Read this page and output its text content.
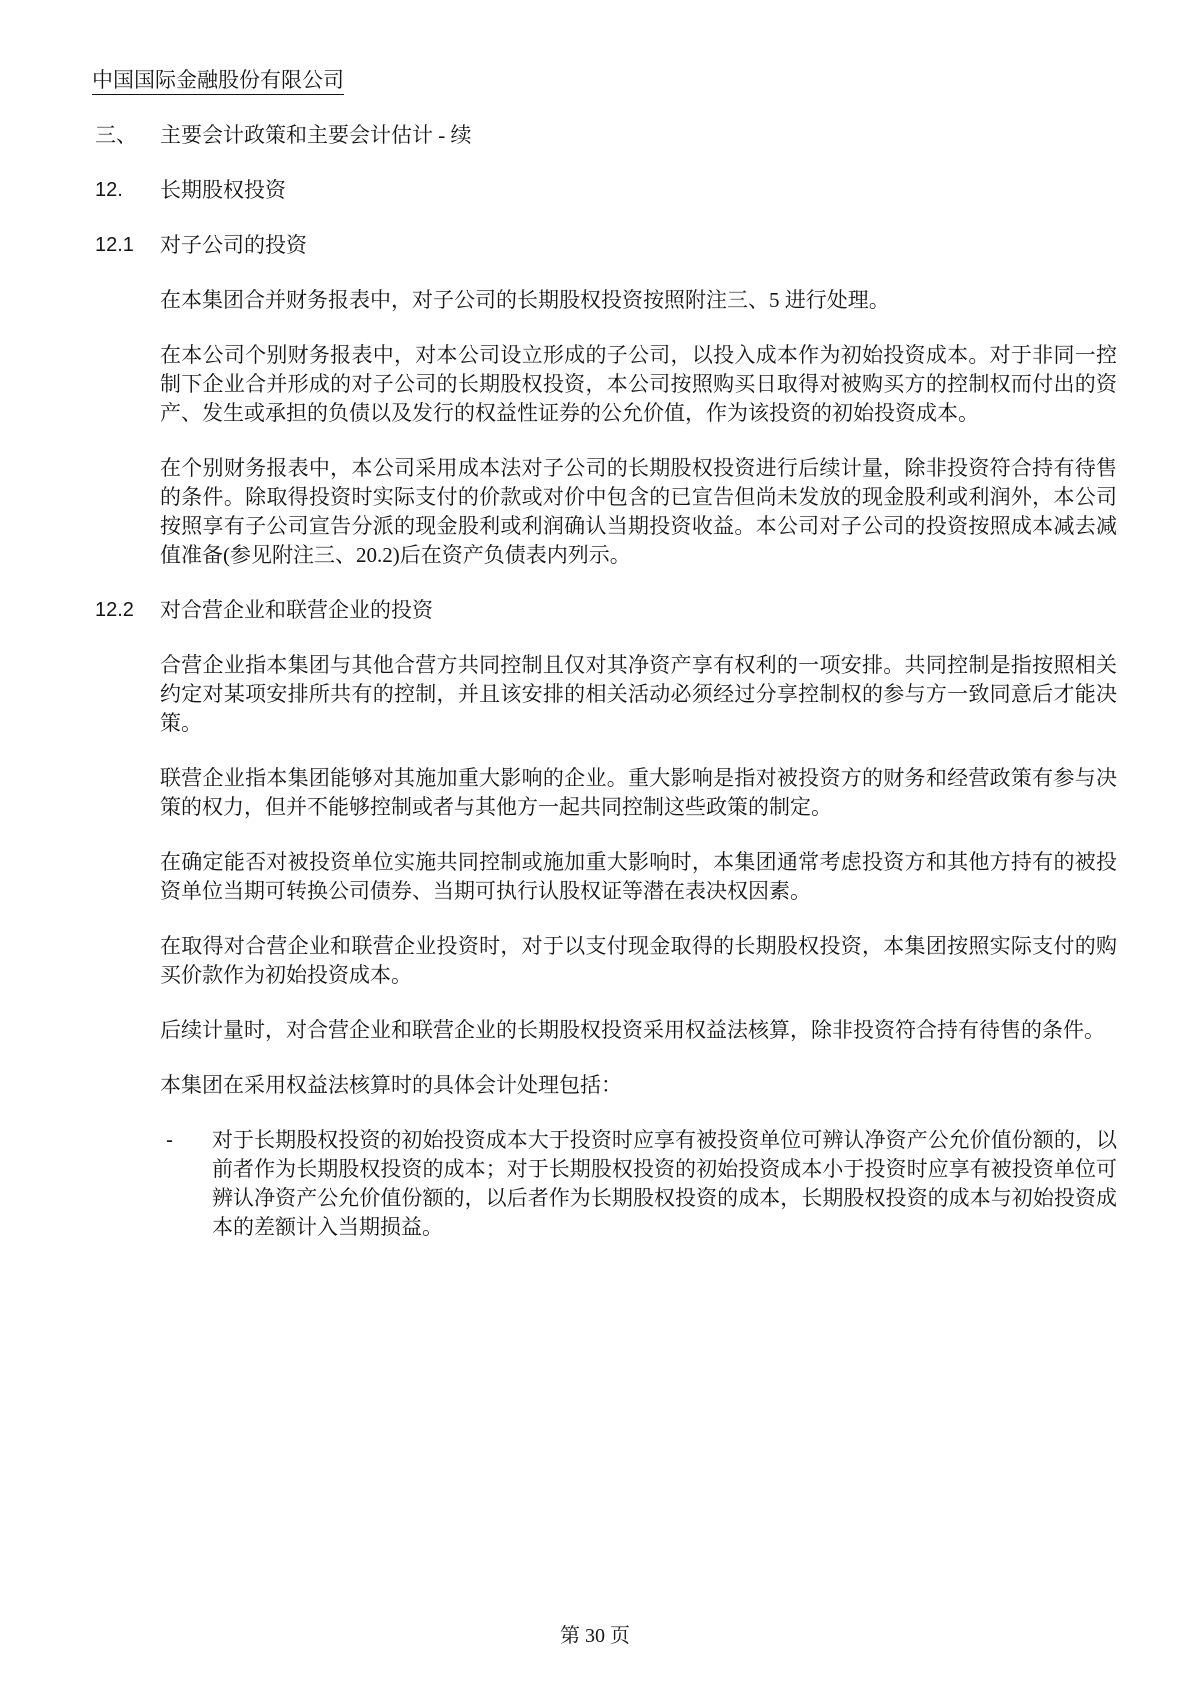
中国国际金融股份有限公司
三、	主要会计政策和主要会计估计 - 续
12.	长期股权投资
12.1	对子公司的投资
在本集团合并财务报表中，对子公司的长期股权投资按照附注三、5 进行处理。
在本公司个别财务报表中，对本公司设立形成的子公司，以投入成本作为初始投资成本。对于非同一控制下企业合并形成的对子公司的长期股权投资，本公司按照购买日取得对被购买方的控制权而付出的资产、发生或承担的负债以及发行的权益性证券的公允价值，作为该投资的初始投资成本。
在个别财务报表中，本公司采用成本法对子公司的长期股权投资进行后续计量，除非投资符合持有待售的条件。除取得投资时实际支付的价款或对价中包含的已宣告但尚未发放的现金股利或利润外，本公司按照享有子公司宣告分派的现金股利或利润确认当期投资收益。本公司对子公司的投资按照成本减去减值准备(参见附注三、20.2)后在资产负债表内列示。
12.2	对合营企业和联营企业的投资
合营企业指本集团与其他合营方共同控制且仅对其净资产享有权利的一项安排。共同控制是指按照相关约定对某项安排所共有的控制，并且该安排的相关活动必须经过分享控制权的参与方一致同意后才能决策。
联营企业指本集团能够对其施加重大影响的企业。重大影响是指对被投资方的财务和经营政策有参与决策的权力，但并不能够控制或者与其他方一起共同控制这些政策的制定。
在确定能否对被投资单位实施共同控制或施加重大影响时，本集团通常考虑投资方和其他方持有的被投资单位当期可转换公司债券、当期可执行认股权证等潜在表决权因素。
在取得对合营企业和联营企业投资时，对于以支付现金取得的长期股权投资，本集团按照实际支付的购买价款作为初始投资成本。
后续计量时，对合营企业和联营企业的长期股权投资采用权益法核算，除非投资符合持有待售的条件。
本集团在采用权益法核算时的具体会计处理包括：
-	对于长期股权投资的初始投资成本大于投资时应享有被投资单位可辨认净资产公允价值份额的，以前者作为长期股权投资的成本；对于长期股权投资的初始投资成本小于投资时应享有被投资单位可辨认净资产公允价值份额的，以后者作为长期股权投资的成本，长期股权投资的成本与初始投资成本的差额计入当期损益。
第 30 页
